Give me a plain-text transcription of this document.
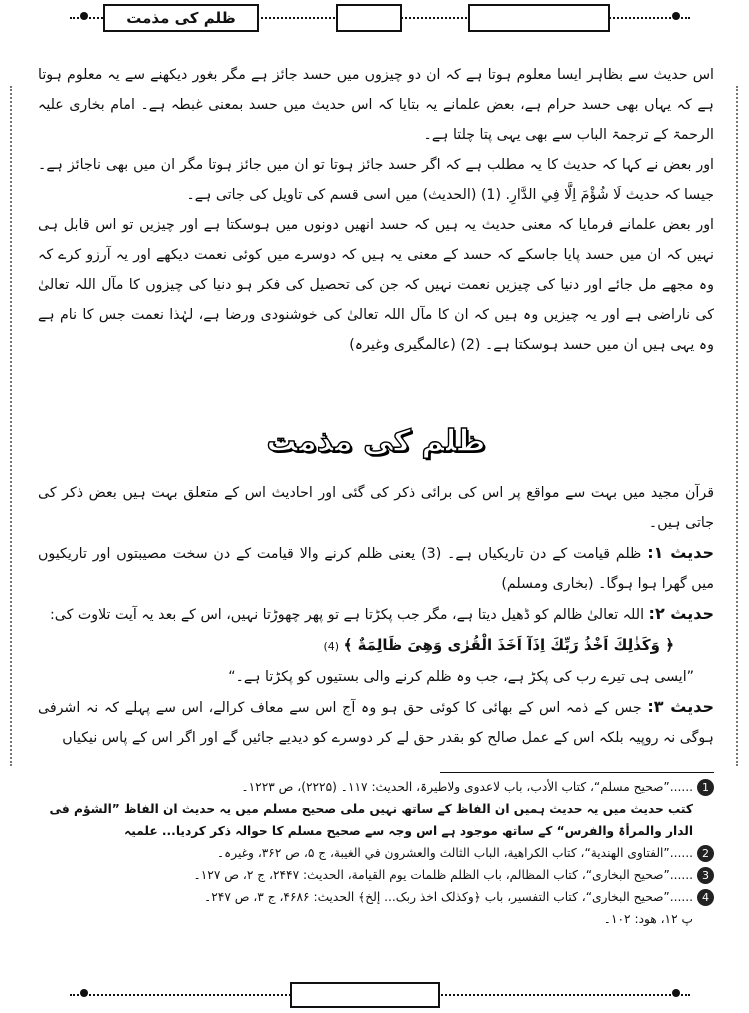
ظلم کی مذمت

اس حدیث سے بظاہر ایسا معلوم ہوتا ہے کہ ان دو چیزوں میں حسد جائز ہے مگر بغور دیکھنے سے یہ معلوم ہوتا ہے کہ یہاں بھی حسد حرام ہے، بعض علمانے یہ بتایا کہ اس حدیث میں حسد بمعنی غبطہ ہے۔ امام بخاری علیہ الرحمۃ کے ترجمۃ الباب سے بھی یہی پتا چلتا ہے۔

اور بعض نے کہا کہ حدیث کا یہ مطلب ہے کہ اگر حسد جائز ہوتا تو ان میں جائز ہوتا مگر ان میں بھی ناجائز ہے۔ جیسا کہ حدیث لَا شُؤْمَ اِلَّا فِي الدَّارِ. (1) (الحدیث) میں اسی قسم کی تاویل کی جاتی ہے۔

اور بعض علمانے فرمایا کہ معنی حدیث یہ ہیں کہ حسد انھیں دونوں میں ہوسکتا ہے اور چیزیں تو اس قابل ہی نہیں کہ ان میں حسد پایا جاسکے کہ حسد کے معنی یہ ہیں کہ دوسرے میں کوئی نعمت دیکھے اور یہ آرزو کرے کہ وہ مجھے مل جائے اور دنیا کی چیزیں نعمت نہیں کہ جن کی تحصیل کی فکر ہو دنیا کی چیزوں کا مآل اللہ تعالیٰ کی ناراضی ہے اور یہ چیزیں وہ ہیں کہ ان کا مآل اللہ تعالیٰ کی خوشنودی ورضا ہے، لہٰذا نعمت جس کا نام ہے وہ یہی ہیں ان میں حسد ہوسکتا ہے۔ (2) (عالمگیری وغیرہ)

ظلم کی مذمت

قرآن مجید میں بہت سے مواقع پر اس کی برائی ذکر کی گئی اور احادیث اس کے متعلق بہت ہیں بعض ذکر کی جاتی ہیں۔

حدیث ۱: ظلم قیامت کے دن تاریکیاں ہے۔ (3) یعنی ظلم کرنے والا قیامت کے دن سخت مصیبتوں اور تاریکیوں میں گھرا ہوا ہوگا۔ (بخاری ومسلم)

حدیث ۲: اللہ تعالیٰ ظالم کو ڈھیل دیتا ہے، مگر جب پکڑتا ہے تو پھر چھوڑتا نہیں، اس کے بعد یہ آیت تلاوت کی:

﴿ وَكَذٰلِكَ اَخْذُ رَبِّكَ اِذَآ اَخَذَ الْقُرٰى وَهِىَ ظَالِمَةٌ ﴾ (4)

”ایسی ہی تیرے رب کی پکڑ ہے، جب وہ ظلم کرنے والی بستیوں کو پکڑتا ہے۔“

حدیث ۳: جس کے ذمہ اس کے بھائی کا کوئی حق ہو وہ آج اس سے معاف کرالے، اس سے پہلے کہ نہ اشرفی ہوگی نہ روپیہ بلکہ اس کے عمل صالح کو بقدر حق لے کر دوسرے کو دیدیے جائیں گے اور اگر اس کے پاس نیکیاں

1
......”صحیح مسلم“، کتاب الأدب، باب لاعدوی ولاطیرۃ، الحدیث: ۱۱۷۔ (۲۲۲۵)، ص ۱۲۲۳۔
کتب حدیث میں یہ حدیث ہمیں ان الفاظ کے ساتھ نہیں ملی صحیح مسلم میں یہ حدیث ان الفاظ ”الشؤم فی الدار والمرأۃ والفرس“ کے ساتھ موجود ہے اس وجہ سے صحیح مسلم کا حوالہ ذکر کردیا... علمیہ
2
......”الفتاوی الهندیة“، کتاب الکراهیة، الباب الثالث والعشرون في الغیبة، ج ۵، ص ۳۶۲، وغیرہ۔
3
......”صحیح البخاری“، کتاب المظالم، باب الظلم ظلمات یوم القیامة، الحدیث: ۲۴۴۷، ج ۲، ص ۱۲۷۔
4
......”صحیح البخاری“، کتاب التفسیر، باب ﴿وکذلک اخذ ربک... إلخ﴾ الحدیث: ۴۶۸۶، ج ۳، ص ۲۴۷۔
پ ۱۲، هود: ۱۰۲۔
